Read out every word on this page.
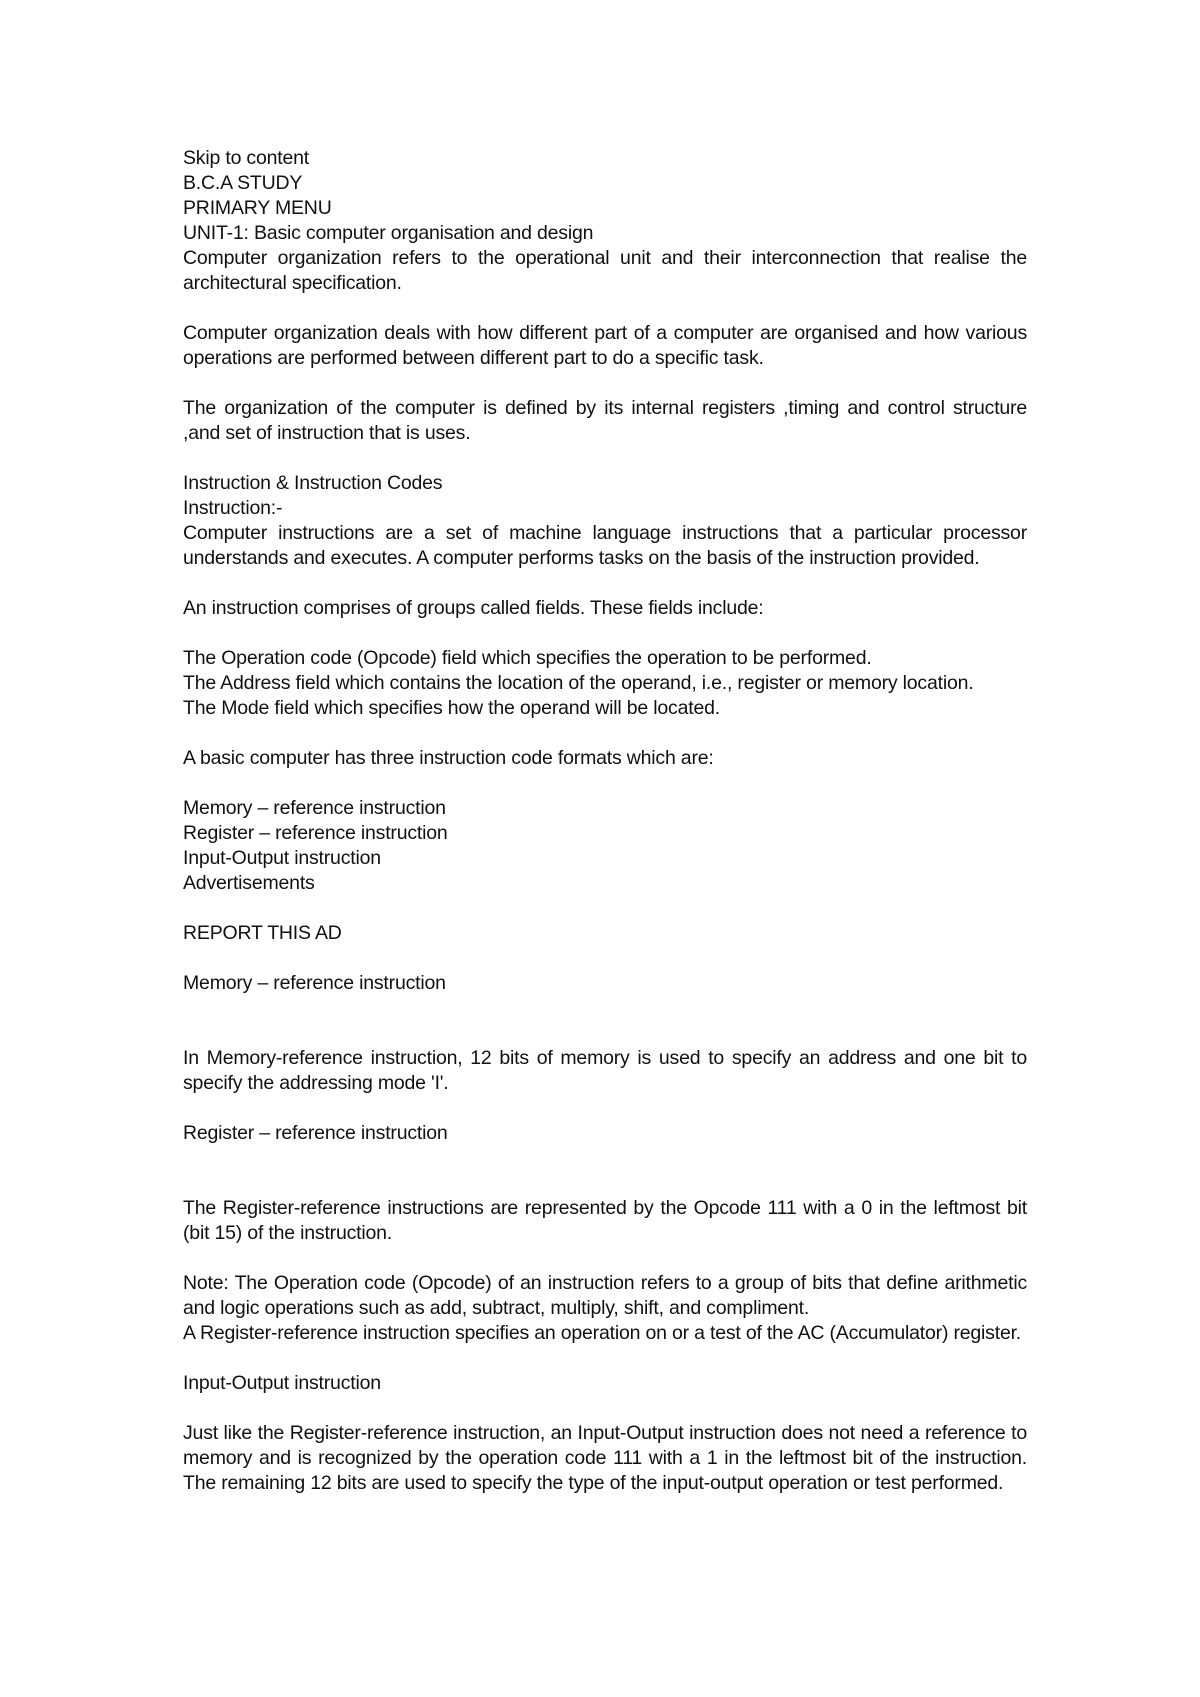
Skip to content
B.C.A STUDY
PRIMARY MENU
UNIT-1: Basic computer organisation and design

Computer organization refers to the operational unit and their interconnection that realise the architectural specification.

Computer organization deals with how different part of a computer are organised and how various operations are performed between different part to do a specific task.

The organization of the computer is defined by its internal registers ,timing and control structure ,and set of instruction that is uses.

Instruction & Instruction Codes
Instruction:-

Computer instructions are a set of machine language instructions that a particular processor understands and executes. A computer performs tasks on the basis of the instruction provided.

An instruction comprises of groups called fields. These fields include:
The Operation code (Opcode) field which specifies the operation to be performed.
The Address field which contains the location of the operand, i.e., register or memory location.
The Mode field which specifies how the operand will be located.
A basic computer has three instruction code formats which are:
Memory – reference instruction
Register – reference instruction
Input-Output instruction
Advertisements
REPORT THIS AD
Memory – reference instruction

In Memory-reference instruction, 12 bits of memory is used to specify an address and one bit to specify the addressing mode 'I'.

Register – reference instruction

The Register-reference instructions are represented by the Opcode 111 with a 0 in the leftmost bit (bit 15) of the instruction.

Note: The Operation code (Opcode) of an instruction refers to a group of bits that define arithmetic and logic operations such as add, subtract, multiply, shift, and compliment.

A Register-reference instruction specifies an operation on or a test of the AC (Accumulator) register.

Input-Output instruction

Just like the Register-reference instruction, an Input-Output instruction does not need a reference to memory and is recognized by the operation code 111 with a 1 in the leftmost bit of the instruction. The remaining 12 bits are used to specify the type of the input-output operation or test performed.
